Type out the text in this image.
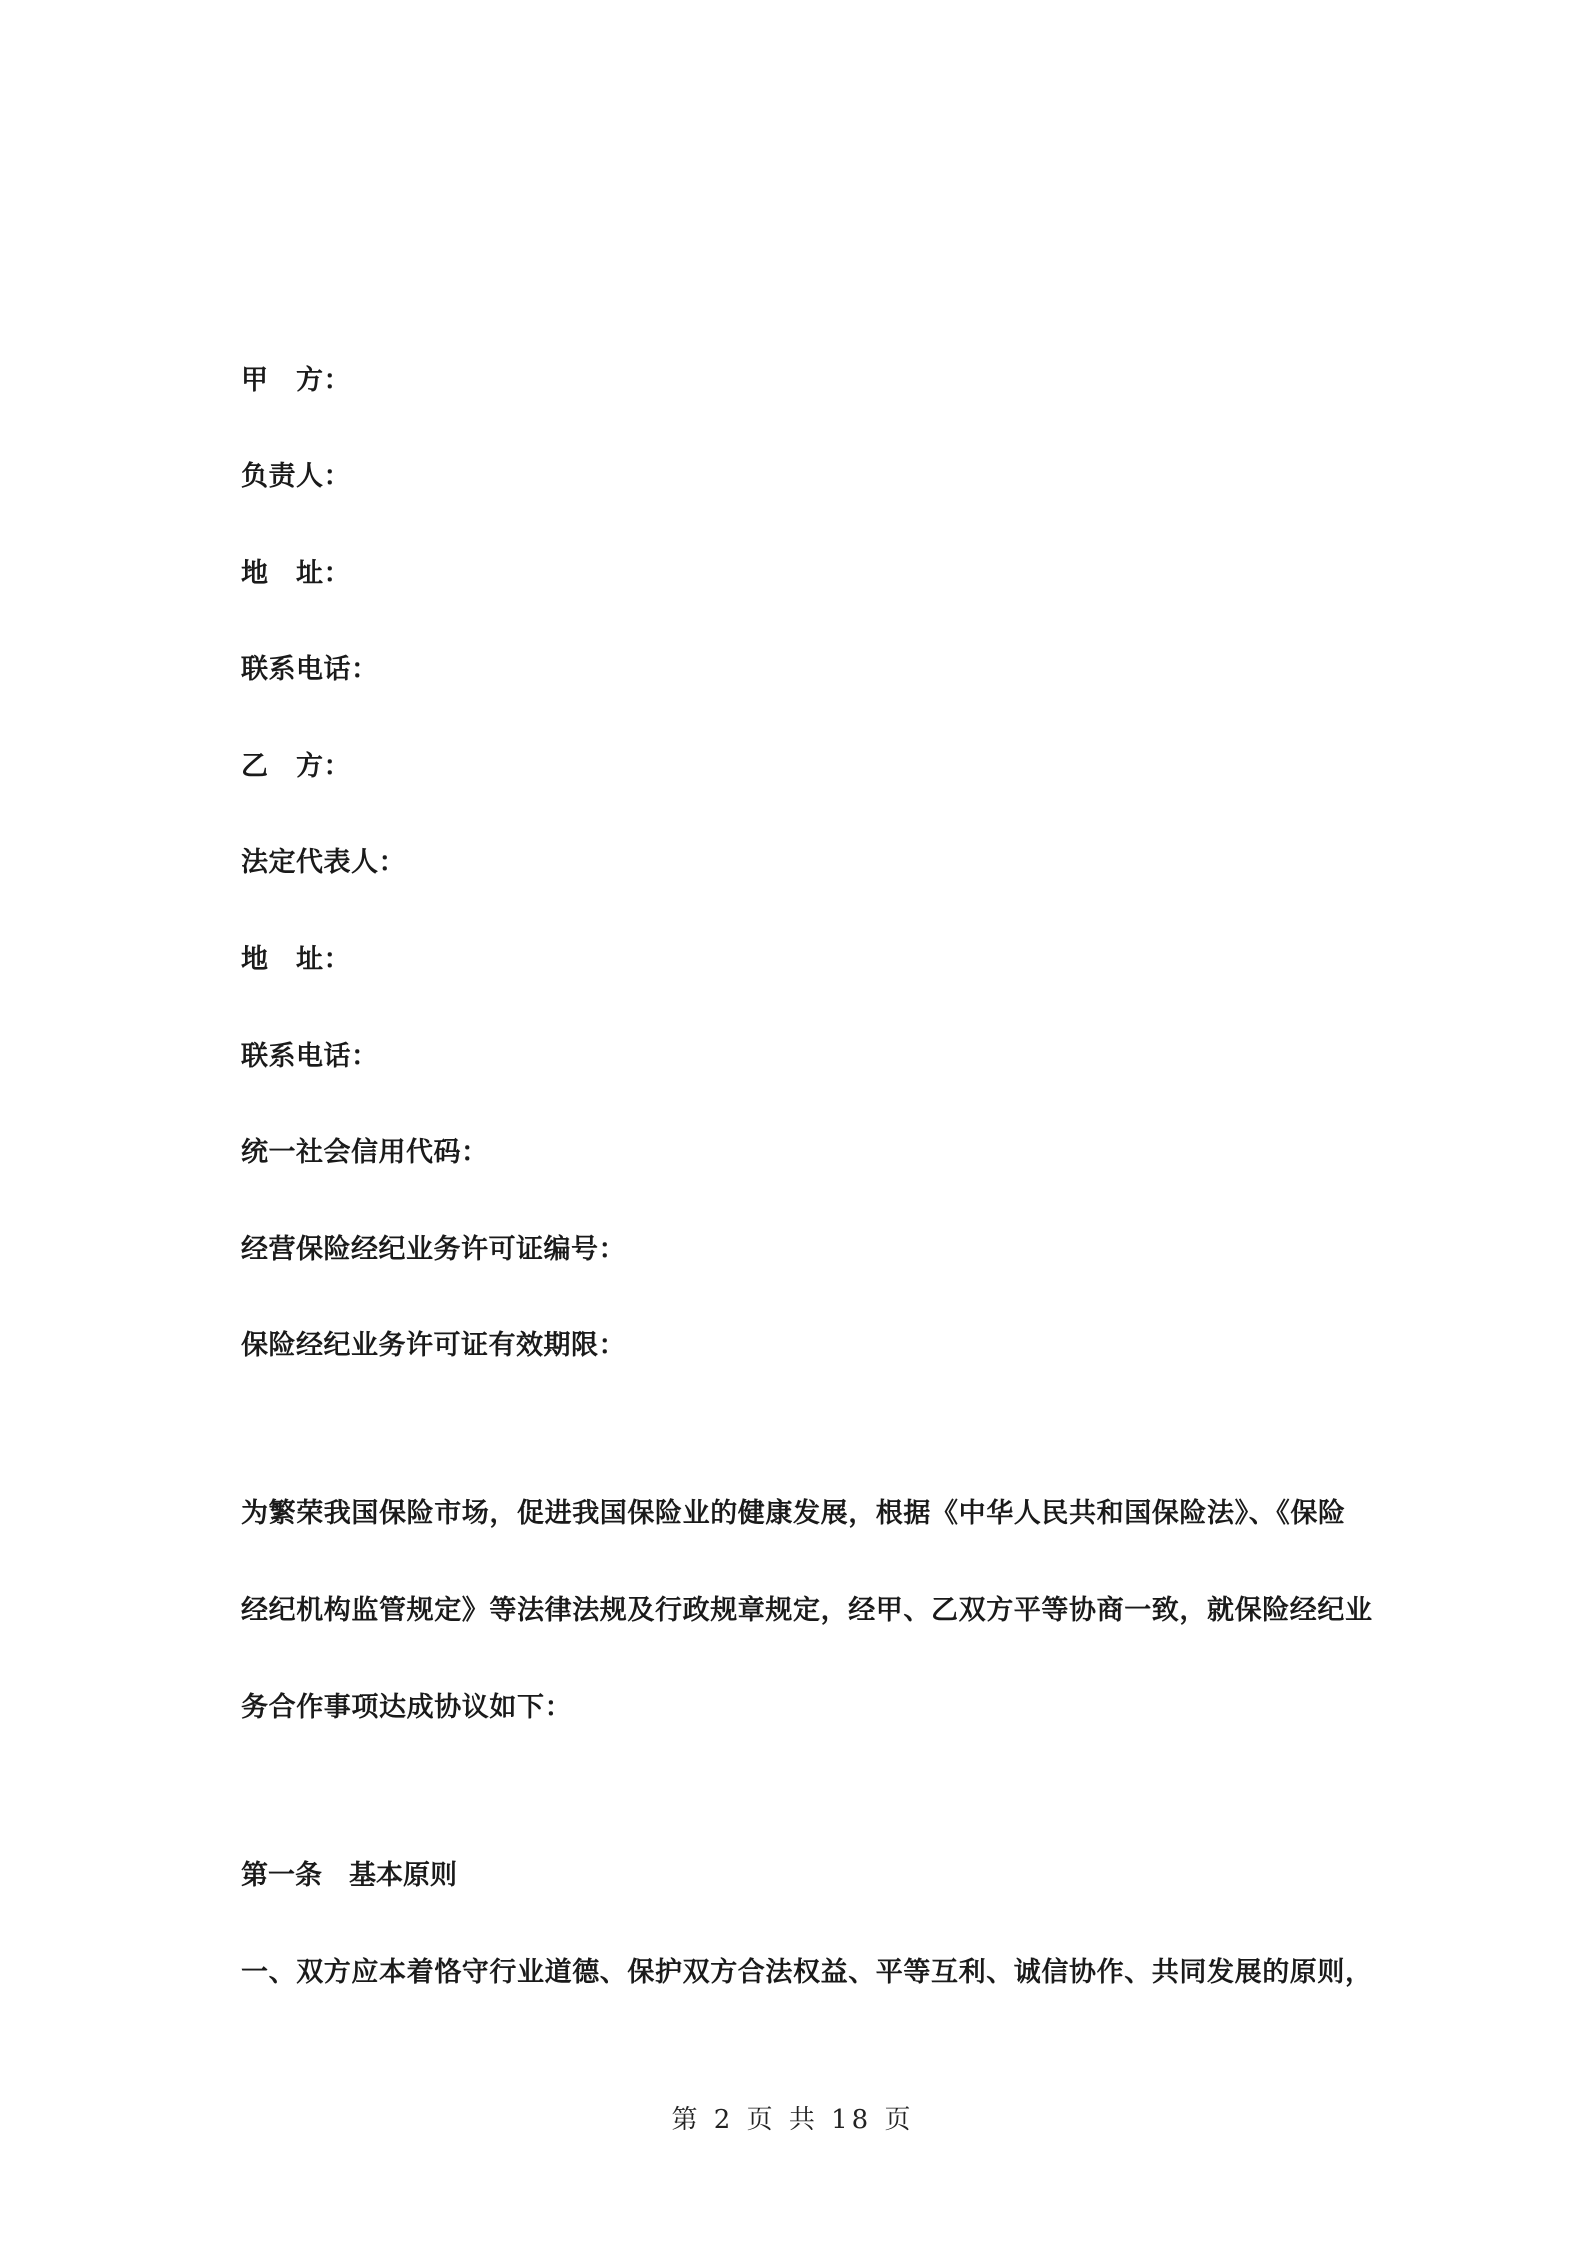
甲　方：
负责人：
地　址：
联系电话：
乙　方：
法定代表人：
地　址：
联系电话：
统一社会信用代码：
经营保险经纪业务许可证编号：
保险经纪业务许可证有效期限：
为繁荣我国保险市场，促进我国保险业的健康发展，根据《中华人民共和国保险法》、《保险
经纪机构监管规定》等法律法规及行政规章规定，经甲、乙双方平等协商一致，就保险经纪业
务合作事项达成协议如下：
第一条　基本原则
一、双方应本着恪守行业道德、保护双方合法权益、平等互利、诚信协作、共同发展的原则，
第 2 页 共 18 页
